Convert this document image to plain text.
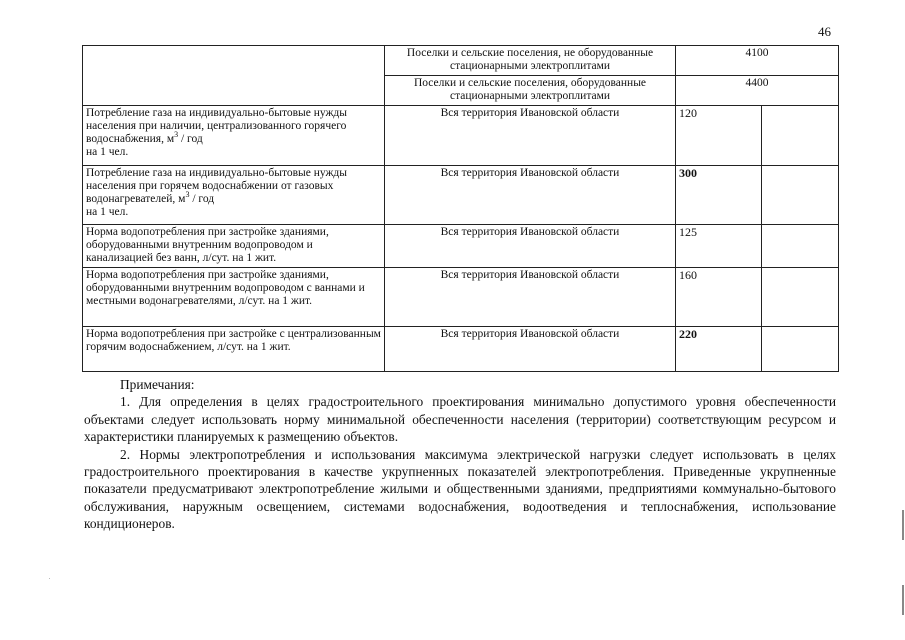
46
	Поселки и сельские поселения, не оборудованные стационарными электроплитами	4100	
	Поселки и сельские поселения, оборудованные стационарными электроплитами	4400	
Потребление газа на индивидуально-бытовые нужды населения при наличии, централизованного горячего водоснабжения, $м^3$ / год
на 1 чел.	Вся территория Ивановской области	120	
Потребление газа на индивидуально-бытовые нужды населения при горячем водоснабжении от газовых водонагревателей, $м^3$ / год
на 1 чел.	Вся территория Ивановской области	300	
Норма водопотребления при застройке зданиями, оборудованными внутренним водопроводом и канализацией без ванн, л/сут. на 1 жит.	Вся территория Ивановской области	125	
Норма водопотребления при застройке зданиями, оборудованными внутренним водопроводом с ваннами и местными водонагревателями, л/сут. на 1 жит.	Вся территория Ивановской области	160	
Норма водопотребления при застройке с централизованным горячим водоснабжением, л/сут. на 1 жит.	Вся территория Ивановской области	220	

Примечания:

1. Для определения в целях градостроительного проектирования минимально допустимого уровня обеспеченности объектами следует использовать норму минимальной обеспеченности населения (территории) соответствующим ресурсом и характеристики планируемых к размещению объектов.

2. Нормы электропотребления и использования максимума электрической нагрузки следует использовать в целях градостроительного проектирования в качестве укрупненных показателей электропотребления. Приведенные укрупненные показатели предусматривают электропотребление жилыми и общественными зданиями, предприятиями коммунально-бытового обслуживания, наружным освещением, системами водоснабжения, водоотведения и теплоснабжения, использование кондиционеров.
